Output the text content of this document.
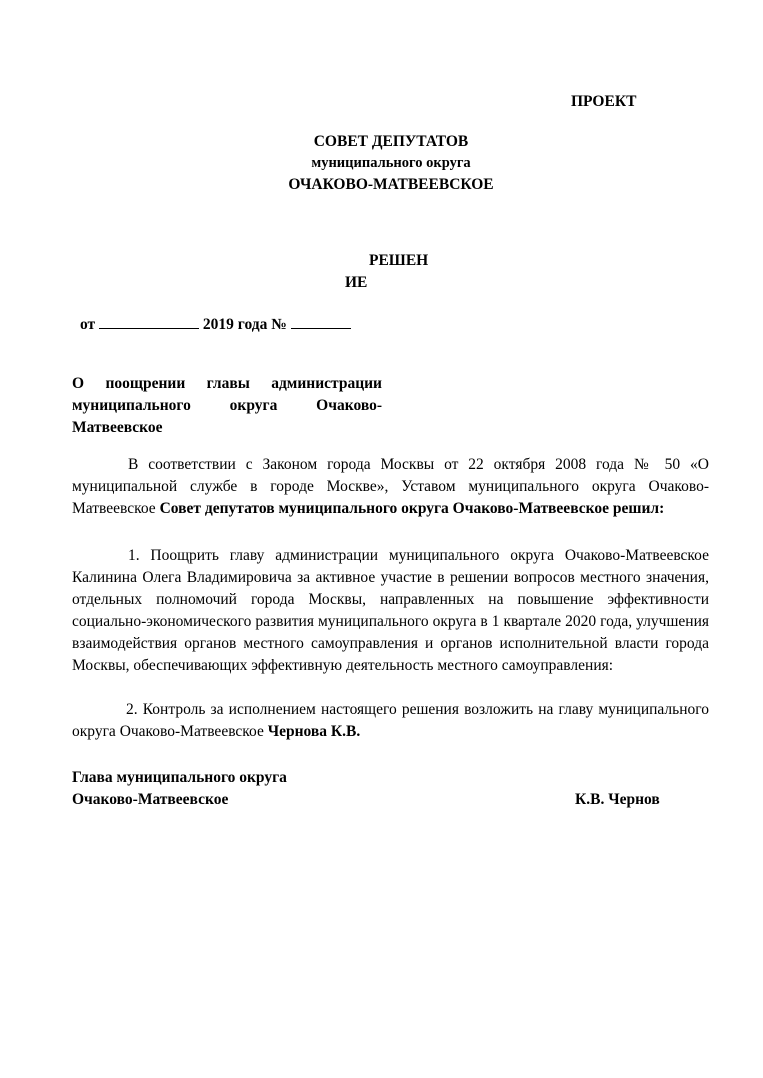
ПРОЕКТ
СОВЕТ ДЕПУТАТОВ
муниципального округа
ОЧАКОВО-МАТВЕЕВСКОЕ
РЕШЕН
ИЕ
от	2019 года №
О поощрении главы администрации
муниципального округа Очаково-
Матвеевское
В соответствии с Законом города Москвы от 22 октября 2008 года № 50 «О муниципальной службе в городе Москве», Уставом муниципального округа Очаково-Матвеевское Совет депутатов муниципального округа Очаково-Матвеевское решил:
1. Поощрить главу администрации муниципального округа Очаково-Матвеевское Калинина Олега Владимировича за активное участие в решении вопросов местного значения, отдельных полномочий города Москвы, направленных на повышение эффективности социально-экономического развития муниципального округа в 1 квартале 2020 года, улучшения взаимодействия органов местного самоуправления и органов исполнительной власти города Москвы, обеспечивающих эффективную деятельность местного самоуправления:
2. Контроль за исполнением настоящего решения возложить на главу муниципального округа Очаково-Матвеевское Чернова К.В.
Глава муниципального округа
Очаково-Матвеевское	К.В. Чернов
